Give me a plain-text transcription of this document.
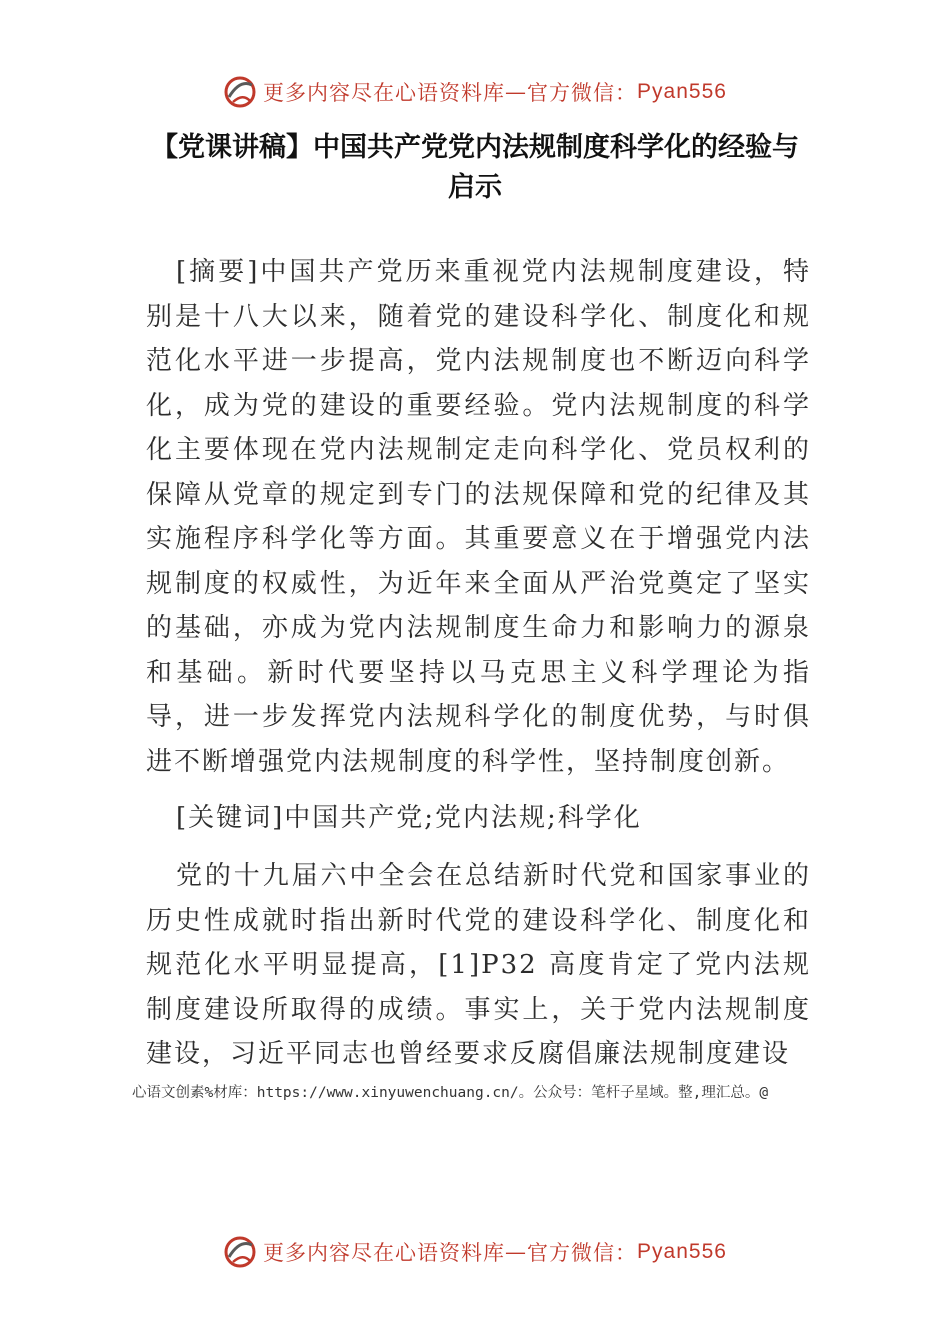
更多内容尽在心语资料库 — 官方微信： Pyan556
【党课讲稿】中国共产党党内法规制度科学化的经验与启示
[摘要]中国共产党历来重视党内法规制度建设，特别是十八大以来，随着党的建设科学化、制度化和规范化水平进一步提高，党内法规制度也不断迈向科学化，成为党的建设的重要经验。党内法规制度的科学化主要体现在党内法规制定走向科学化、党员权利的保障从党章的规定到专门的法规保障和党的纪律及其实施程序科学化等方面。其重要意义在于增强党内法规制度的权威性，为近年来全面从严治党奠定了坚实的基础，亦成为党内法规制度生命力和影响力的源泉和基础。新时代要坚持以马克思主义科学理论为指导，进一步发挥党内法规科学化的制度优势，与时俱进不断增强党内法规制度的科学性，坚持制度创新。
[关键词]中国共产党;党内法规;科学化
党的十九届六中全会在总结新时代党和国家事业的历史性成就时指出新时代党的建设科学化、制度化和规范化水平明显提高，[1]P32 高度肯定了党内法规制度建设所取得的成绩。事实上，关于党内法规制度建设，习近平同志也曾经要求反腐倡廉法规制度建设
心语文创素%材库：https://www.xinyuwenchuang.cn/。公众号：笔杆子星域。整,理汇总。@
更多内容尽在心语资料库 — 官方微信： Pyan556
